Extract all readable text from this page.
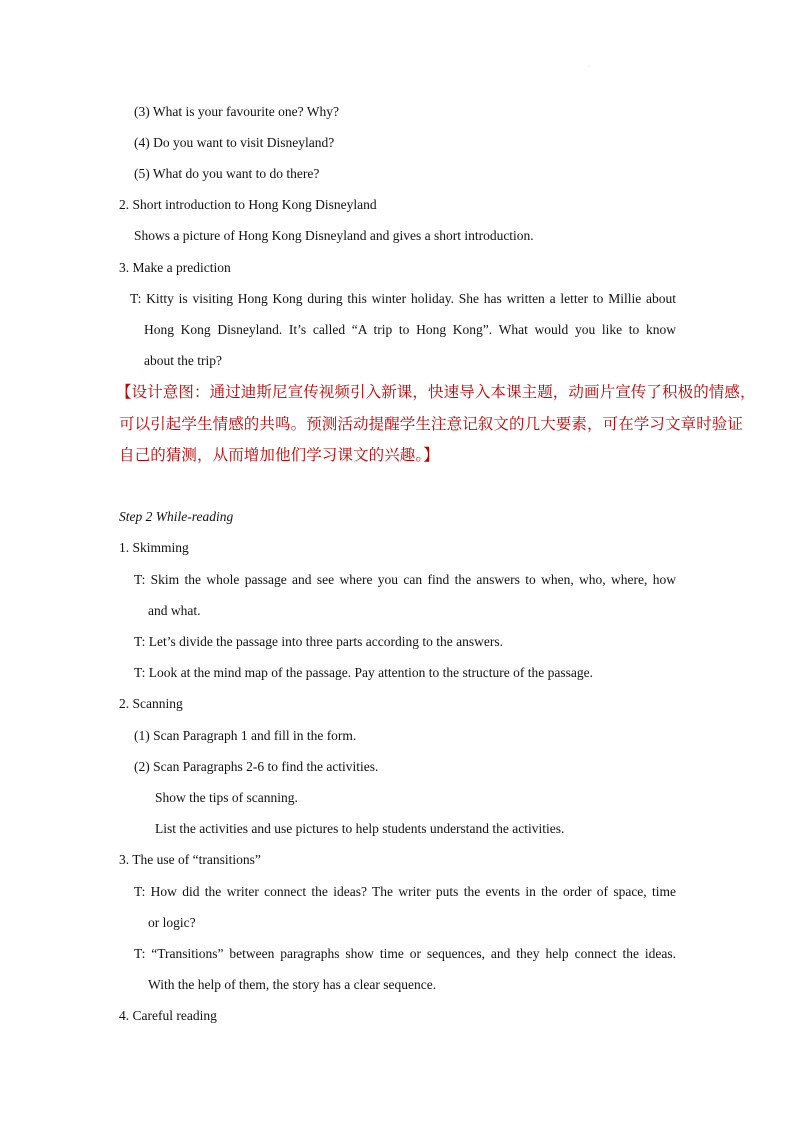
·
(3) What is your favourite one? Why?
(4) Do you want to visit Disneyland?
(5) What do you want to do there?
2. Short introduction to Hong Kong Disneyland
Shows a picture of Hong Kong Disneyland and gives a short introduction.
3. Make a prediction
T: Kitty is visiting Hong Kong during this winter holiday. She has written a letter to Millie about
Hong Kong Disneyland. It’s called “A trip to Hong Kong”. What would you like to know
about the trip?
【设计意图：通过迪斯尼宣传视频引入新课，快速导入本课主题，动画片宣传了积极的情感，
可以引起学生情感的共鸣。预测活动提醒学生注意记叙文的几大要素，可在学习文章时验证
自己的猜测，从而增加他们学习课文的兴趣。】
Step 2 While-reading
1. Skimming
T: Skim the whole passage and see where you can find the answers to when, who, where, how
and what.
T: Let’s divide the passage into three parts according to the answers.
T: Look at the mind map of the passage. Pay attention to the structure of the passage.
2. Scanning
(1) Scan Paragraph 1 and fill in the form.
(2) Scan Paragraphs 2-6 to find the activities.
Show the tips of scanning.
List the activities and use pictures to help students understand the activities.
3. The use of “transitions”
T: How did the writer connect the ideas? The writer puts the events in the order of space, time
or logic?
T: “Transitions” between paragraphs show time or sequences, and they help connect the ideas.
With the help of them, the story has a clear sequence.
4. Careful reading
